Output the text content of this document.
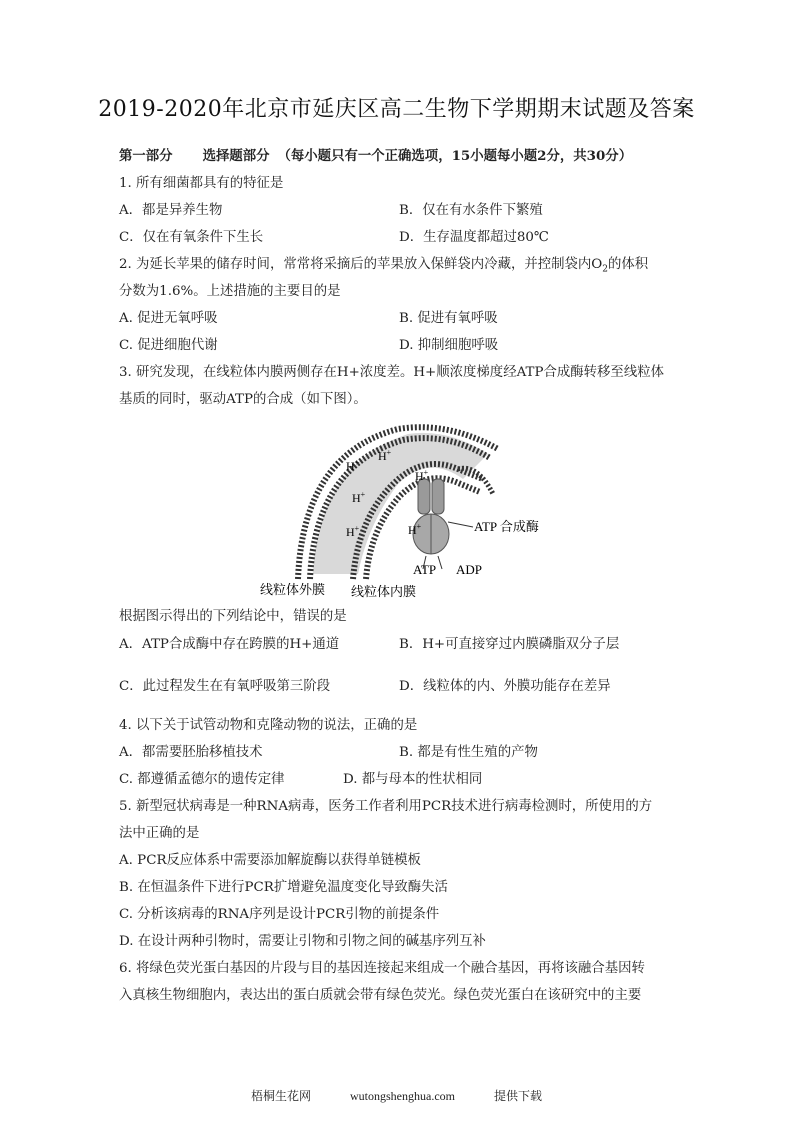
2019-2020年北京市延庆区高二生物下学期期末试题及答案
第一部分 选择题部分 （每小题只有一个正确选项，15小题每小题2分，共30分）
1. 所有细菌都具有的特征是
A．都是异养生物	B．仅在有水条件下繁殖
C．仅在有氧条件下生长	D．生存温度都超过80℃
2. 为延长苹果的储存时间，常常将采摘后的苹果放入保鲜袋内冷藏，并控制袋内$O_2$的体积
分数为1.6%。上述措施的主要目的是
A. 促进无氧呼吸	B. 促进有氧呼吸
C. 促进细胞代谢	D. 抑制细胞呼吸
3. 研究发现，在线粒体内膜两侧存在H+浓度差。H+顺浓度梯度经ATP合成酶转移至线粒体
基质的同时，驱动ATP的合成（如下图）。
H+ H+
H+
H+
H+	H+	ATP 合成酶
ATP ADP
线粒体外膜 线粒体内膜
根据图示得出的下列结论中，错误的是
A．ATP合成酶中存在跨膜的H+通道	B．H+可直接穿过内膜磷脂双分子层
C．此过程发生在有氧呼吸第三阶段	D．线粒体的内、外膜功能存在差异
4. 以下关于试管动物和克隆动物的说法，正确的是
A．都需要胚胎移植技术	B. 都是有性生殖的产物
C. 都遵循孟德尔的遗传定律	D. 都与母本的性状相同
5. 新型冠状病毒是一种RNA病毒，医务工作者利用PCR技术进行病毒检测时，所使用的方
法中正确的是
A. PCR反应体系中需要添加解旋酶以获得单链模板
B. 在恒温条件下进行PCR扩增避免温度变化导致酶失活
C. 分析该病毒的RNA序列是设计PCR引物的前提条件
D. 在设计两种引物时，需要让引物和引物之间的碱基序列互补
6. 将绿色荧光蛋白基因的片段与目的基因连接起来组成一个融合基因，再将该融合基因转
入真核生物细胞内，表达出的蛋白质就会带有绿色荧光。绿色荧光蛋白在该研究中的主要
梧桐生花网	wutongshenghua.com	提供下载
